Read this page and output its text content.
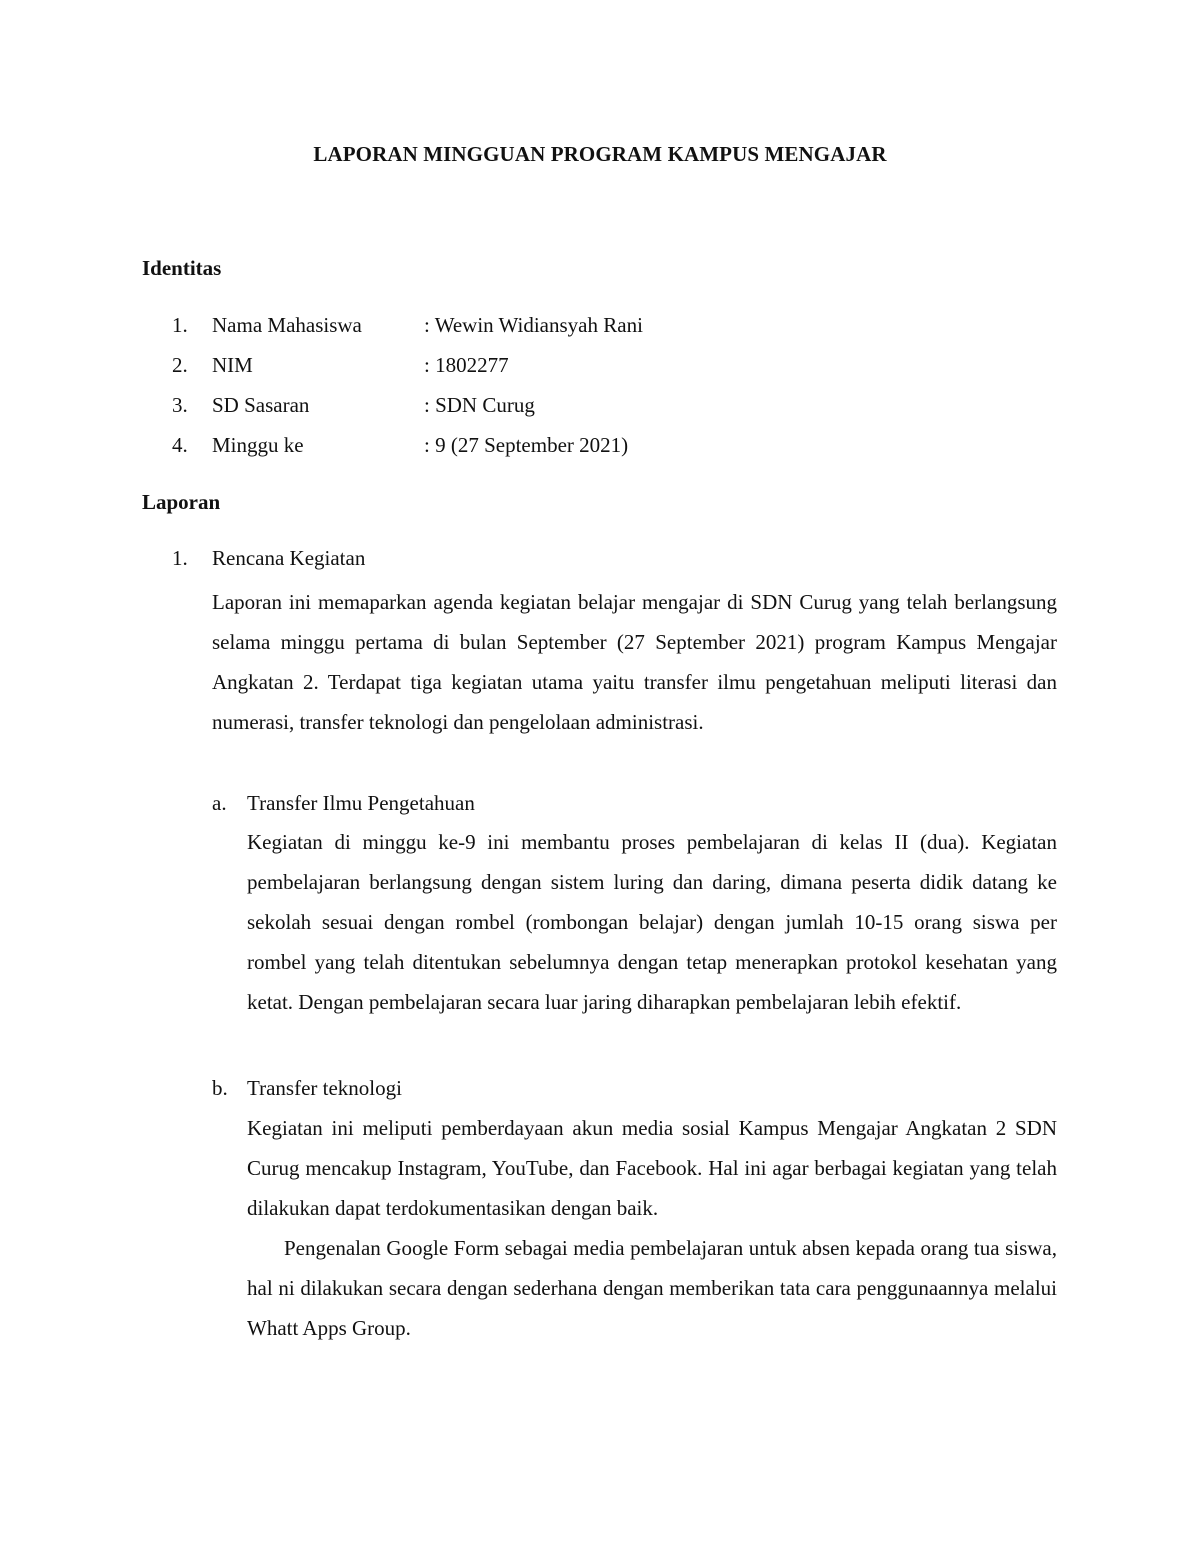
LAPORAN MINGGUAN PROGRAM KAMPUS MENGAJAR
Identitas
1. Nama Mahasiswa	: Wewin Widiansyah Rani
2. NIM	: 1802277
3. SD Sasaran	: SDN Curug
4. Minggu ke	: 9 (27 September 2021)
Laporan
1. Rencana Kegiatan

Laporan ini memaparkan agenda kegiatan belajar mengajar di SDN Curug yang telah berlangsung selama minggu pertama di bulan September (27 September 2021) program Kampus Mengajar Angkatan 2. Terdapat tiga kegiatan utama yaitu transfer ilmu pengetahuan meliputi literasi dan numerasi, transfer teknologi dan pengelolaan administrasi.

a. Transfer Ilmu Pengetahuan

Kegiatan di minggu ke-9 ini membantu proses pembelajaran di kelas II (dua). Kegiatan pembelajaran berlangsung dengan sistem luring dan daring, dimana peserta didik datang ke sekolah sesuai dengan rombel (rombongan belajar) dengan jumlah 10-15 orang siswa per rombel yang telah ditentukan sebelumnya dengan tetap menerapkan protokol kesehatan yang ketat. Dengan pembelajaran secara luar jaring diharapkan pembelajaran lebih efektif.

b. Transfer teknologi

Kegiatan ini meliputi pemberdayaan akun media sosial Kampus Mengajar Angkatan 2 SDN Curug mencakup Instagram, YouTube, dan Facebook. Hal ini agar berbagai kegiatan yang telah dilakukan dapat terdokumentasikan dengan baik.

Pengenalan Google Form sebagai media pembelajaran untuk absen kepada orang tua siswa, hal ni dilakukan secara dengan sederhana dengan memberikan tata cara penggunaannya melalui Whatt Apps Group.
